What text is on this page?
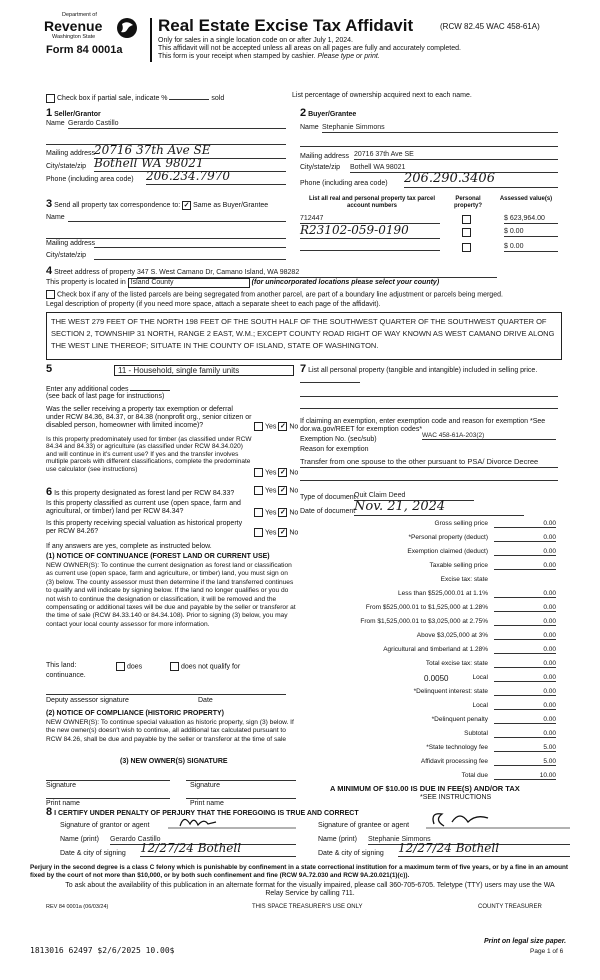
Department of
Revenue
Washington State
Form 84 0001a
Real Estate Excise Tax Affidavit	(RCW 82.45 WAC 458-61A)
Only for sales in a single location code on or after July 1, 2024.
This affidavit will not be accepted unless all areas on all pages are fully and accurately completed.
This form is your receipt when stamped by cashier. Please type or print.
Check box if partial sale, indicate %	sold	List percentage of ownership acquired next to each name.
1 Seller/Grantor
Name Gerardo Castillo
Mailing address
20716 37th Ave SE
City/state/zip Bothell WA 98021
Phone (including area code) 206.234.7970
2 Buyer/Grantee
Name Stephanie Simmons
Mailing address 20716 37th Ave SE
City/state/zip Bothell WA 98021
Phone (including area code) 206.290.3406
3 Send all property tax correspondence to: ✓ Same as Buyer/Grantee
Name
Mailing address
City/state/zip
List all real and personal property tax parcel account numbers
Personal property?
Assessed value(s)
712447	$ 623,964.00
R23102-059-0190	$ 0.00
$ 0.00
4 Street address of property 347 S. West Camano Dr, Camano Island, WA 98282
This property is located in Island County	(for unincorporated locations please select your county)
Check box if any of the listed parcels are being segregated from another parcel, are part of a boundary line adjustment or parcels being merged.
Legal description of property (if you need more space, attach a separate sheet to each page of the affidavit).
THE WEST 279 FEET OF THE NORTH 198 FEET OF THE SOUTH HALF OF THE SOUTHWEST QUARTER OF THE SOUTHWEST QUARTER OF SECTION 2, TOWNSHIP 31 NORTH, RANGE 2 EAST, W.M.; EXCEPT COUNTY ROAD RIGHT OF WAY KNOWN AS WEST CAMANO DRIVE ALONG THE WEST LINE THEREOF; SITUATE IN THE COUNTY OF ISLAND, STATE OF WASHINGTON.
5	11 - Household, single family units
Enter any additional codes
(see back of last page for instructions)
Was the seller receiving a property tax exemption or deferral under RCW 84.36, 84.37, or 84.38 (nonprofit org., senior citizen or disabled person, homeowner with limited income)?	Yes ✓ No
Is this property predominately used for timber (as classified under RCW 84.34 and 84.33) or agriculture (as classified under RCW 84.34.020) and will continue in it's current use? If yes and the transfer involves multiple parcels with different classifications, complete the predominate use calculator (see instructions)	Yes ✓ No
6 Is this property designated as forest land per RCW 84.33?	Yes ✓ No
Is this property classified as current use (open space, farm and agricultural, or timber) land per RCW 84.34?	Yes ✓ No
Is this property receiving special valuation as historical property per RCW 84.26?	Yes ✓ No
If any answers are yes, complete as instructed below.
(1) NOTICE OF CONTINUANCE (FOREST LAND OR CURRENT USE)
NEW OWNER(S): To continue the current designation as forest land or classification as current use (open space, farm and agriculture, or timber) land, you must sign on (3) below. The county assessor must then determine if the land transferred continues to qualify and will indicate by signing below. If the land no longer qualifies or you do not wish to continue the designation or classification, it will be removed and the compensating or additional taxes will be due and payable by the seller or transferor at the time of sale (RCW 84.33.140 or 84.34.108). Prior to signing (3) below, you may contact your local county assessor for more information.
This land:	does	does not qualify for
continuance.
Deputy assessor signature	Date
(2) NOTICE OF COMPLIANCE (HISTORIC PROPERTY)
NEW OWNER(S): To continue special valuation as historic property, sign (3) below. If the new owner(s) doesn't wish to continue, all additional tax calculated pursuant to RCW 84.26, shall be due and payable by the seller or transferor at the time of sale
(3) NEW OWNER(S) SIGNATURE
Signature	Signature
Print name	Print name
7 List all personal property (tangible and intangible) included in selling price.
If claiming an exemption, enter exemption code and reason for exemption *See dor.wa.gov/REET for exemption codes*
Exemption No. (sec/sub)
WAC 458-61A-203(2)
Reason for exemption
Transfer from one spouse to the other pursuant to PSA/ Divorce Decree
Type of document
Quit Claim Deed
Date of document
Nov. 21, 2024
Gross selling price	0.00
*Personal property (deduct)	0.00
Exemption claimed (deduct)	0.00
Taxable selling price	0.00
Excise tax: state
Less than $525,000.01 at 1.1%	0.00
From $525,000.01 to $1,525,000 at 1.28%	0.00
From $1,525,000.01 to $3,025,000 at 2.75%	0.00
Above $3,025,000 at 3%	0.00
Agricultural and timberland at 1.28%	0.00
Total excise tax: state	0.00
0.0050	Local	0.00
*Delinquent interest: state	0.00
Local	0.00
*Delinquent penalty	0.00
Subtotal	0.00
*State technology fee	5.00
Affidavit processing fee	5.00
Total due	10.00
A MINIMUM OF $10.00 IS DUE IN FEE(S) AND/OR TAX
*SEE INSTRUCTIONS
8 I CERTIFY UNDER PENALTY OF PERJURY THAT THE FOREGOING IS TRUE AND CORRECT
Signature of grantor or agent
Name (print) Gerardo Castillo
Date & city of signing 12/27/24 Bothell
Signature of grantee or agent
Name (print) Stephanie Simmons
Date & city of signing 12/27/24 Bothell
Perjury in the second degree is a class C felony which is punishable by confinement in a state correctional institution for a maximum term of five years, or by a fine in an amount fixed by the court of not more than $10,000, or by both such confinement and fine (RCW 9A.72.030 and RCW 9A.20.021(1)(c)).
To ask about the availability of this publication in an alternate format for the visually impaired, please call 360-705-6705. Teletype (TTY) users may use the WA Relay Service by calling 711.
REV 84 0001a (06/03/24)	THIS SPACE TREASURER'S USE ONLY	COUNTY TREASURER
1813016 62497 $2/6/2025 10.00$
Print on legal size paper.
Page 1 of 6
